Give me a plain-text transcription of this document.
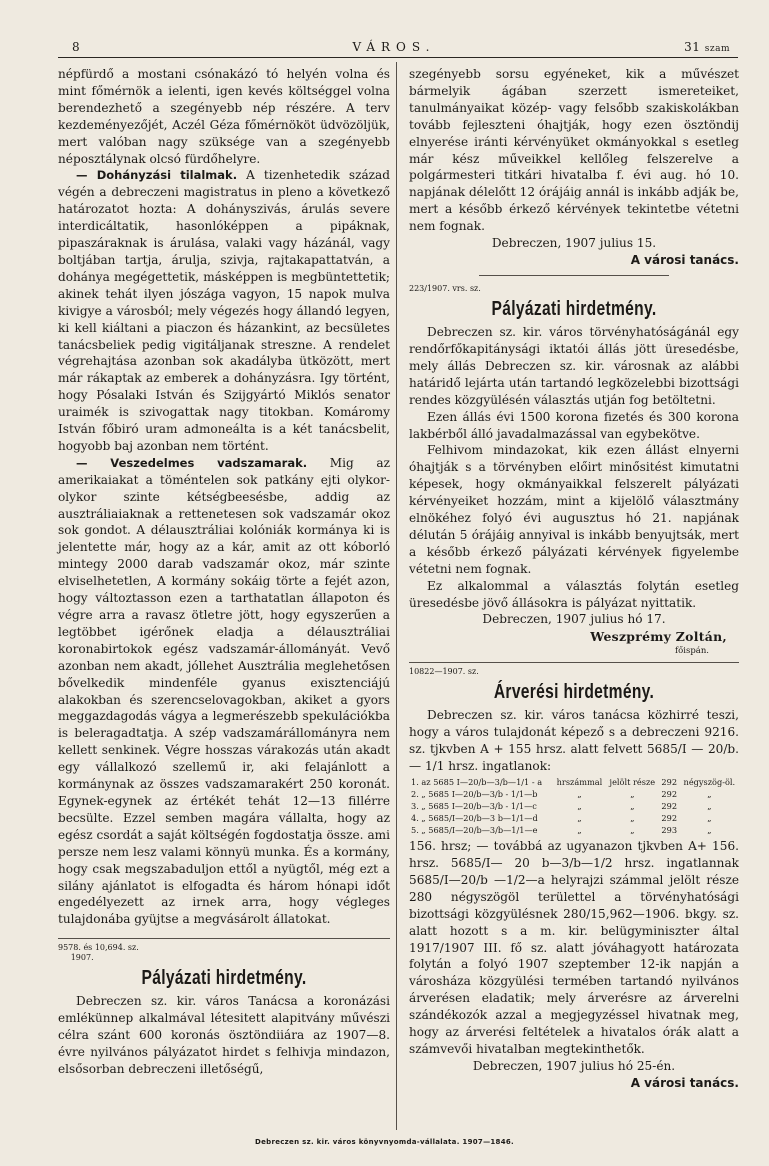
8	VÁROS.	31 szam

népfürdő a mostani csónakázó tó helyén volna és mint főmérnök a ielenti, igen kevés költséggel volna berendezhető a szegényebb nép részére. A terv kezdeményezőjét, Aczél Géza főmérnököt üdvözöljük, mert valóban nagy szüksége van a szegényebb néposztálynak olcsó fürdőhelyre.

— Dohányzási tilalmak. A tizenhetedik század végén a debreczeni magistratus in pleno a következő határozatot hozta: A dohányszivás, árulás severe interdicáltatik, hasonlóképpen a pipáknak, pipaszáraknak is árulása, valaki vagy házánál, vagy boltjában tartja, árulja, szivja, rajtakapattatván, a dohánya megégettetik, másképpen is megbüntettetik; akinek tehát ilyen jószága vagyon, 15 napok mulva kivigye a városból; mely végezés hogy állandó legyen, ki kell kiáltani a piaczon és házankint, az becsületes tanácsbeliek pedig vigitáljanak streszne. A rendelet végrehajtása azonban sok akadályba ütközött, mert már rákaptak az emberek a dohányzásra. Igy történt, hogy Pósalaki István és Szijgyártó Miklós senator uraimék is szivogattak nagy titokban. Komáromy István főbiró uram admoneálta is a két tanácsbelit, hogyobb baj azonban nem történt.

— Veszedelmes vadszamarak. Mig az amerikaiakat a töméntelen sok patkány ejti olykor-olykor szinte kétségbeesésbe, addig az ausztráliaiaknak a rettenetesen sok vadszamár okoz sok gondot. A délausztráliai kolóniák kormánya ki is jelentette már, hogy az a kár, amit az ott kóborló mintegy 2000 darab vadszamár okoz, már szinte elviselhetetlen, A kormány sokáig törte a fejét azon, hogy változtasson ezen a tarthatatlan állapoton és végre arra a ravasz ötletre jött, hogy egyszerűen a legtöbbet igérőnek eladja a délausztráliai koronabirtokok egész vadszamár-állományát. Vevő azonban nem akadt, jóllehet Ausztrália meglehetősen bővelkedik mindenféle gyanus exisztenciájú alakokban és szerencselovagokban, akiket a gyors meggazdagodás vágya a legmerészebb spekulációkba is beleragadtatja. A szép vadszamárállományra nem kellett senkinek. Végre hosszas várakozás után akadt egy vállalkozó szellemű ir, aki felajánlott a kormánynak az összes vadszamarakért 250 koronát. Egynek-egynek az értékét tehát 12—13 fillérre becsülte. Ezzel semben magára vállalta, hogy az egész csordát a saját költségén fogdostatja össze. ami persze nem lesz valami könnyü munka. És a kormány, hogy csak megszabaduljon ettől a nyügtől, még ezt a silány ajánlatot is elfogadta és három hónapi időt engedélyezett az irnek arra, hogy végleges tulajdonába gyüjtse a megvásárolt állatokat.

9578. és 10,694. sz.
1907.
Pályázati hirdetmény.

Debreczen sz. kir. város Tanácsa a koronázási emlékünnep alkalmával létesitett alapitvány művészi célra szánt 600 koronás ösztöndiiára az 1907—8. évre nyilvános pályázatot hirdet s felhivja mindazon, elsősorban debreczeni illetőségű,

szegényebb sorsu egyéneket, kik a művészet bármelyik ágában szerzett ismereteiket, tanulmányaikat közép- vagy felsőbb szakiskolákban tovább fejleszteni óhajtják, hogy ezen ösztöndij elnyerése iránti kérvényüket okmányokkal s esetleg már kész műveikkel kellőleg felszerelve a polgármesteri titkári hivatalba f. évi aug. hó 10. napjának délelőtt 12 órájáig annál is inkább adják be, mert a később érkező kérvények tekintetbe vétetni nem fognak.

Debreczen, 1907 julius 15.
A városi tanács.
223/1907. vrs. sz.
Pályázati hirdetmény.

Debreczen sz. kir. város törvényhatóságánál egy rendőrfőkapitánysági iktatói állás jött üresedésbe, mely állás Debreczen sz. kir. városnak az alábbi határidő lejárta után tartandó legközelebbi bizottsági rendes közgyülésén választás utján fog betöltetni.

Ezen állás évi 1500 korona fizetés és 300 korona lakbérből álló javadalmazással van egybekötve.

Felhivom mindazokat, kik ezen állást elnyerni óhajtják s a törvényben előirt minősitést kimutatni képesek, hogy okmányaikkal felszerelt pályázati kérvényeiket hozzám, mint a kijelölő választmány elnökéhez folyó évi augusztus hó 21. napjának délután 5 órájáig annyival is inkább benyujtsák, mert a később érkező pályázati kérvények figyelembe vétetni nem fognak.

Ez alkalommal a választás folytán esetleg üresedésbe jövő állásokra is pályázat nyittatik.

Debreczen, 1907 julius hó 17.
Weszprémy Zoltán,
főispán.
10822—1907. sz.
Árverési hirdetmény.

Debreczen sz. kir. város tanácsa közhirré teszi, hogy a város tulajdonát képező s a debreczeni 9216. sz. tjkvben A + 155 hrsz. alatt felvett 5685/I — 20/b. — 1/1 hrsz. ingatlanok:

1. az 5685 I—20/b—3/b—1/1 - a	hrszámmal	jelölt része	292	négyszög-öl.
2. „ 5685 I—20/b—3/b - 1/1—b	„	„	292	„
3. „ 5685 I—20/b—3/b - 1/1—c	„	„	292	„
4. „ 5685/I—20/b—3 b—1/1—d	„	„	292	„
5. „ 5685/I—20/b—3/b—1/1—e	„	„	293	„

156. hrsz; — továbbá az ugyanazon tjkvben A+ 156. hrsz. 5685/I— 20 b—3/b—1/2 hrsz. ingatlannak 5685/I—20/b —1/2—a helyrajzi számmal jelölt része 280 négyszögöl területtel a törvényhatósági bizottsági közgyülésnek 280/15,962—1906. bkgy. sz. alatt hozott s a m. kir. belügyminiszter által 1917/1907 III. fő sz. alatt jóváhagyott határozata folytán a folyó 1907 szeptember 12-ik napján a városháza közgyülési termében tartandó nyilvános árverésen eladatik; mely árverésre az árverelni szándékozók azzal a megjegyzéssel hivatnak meg, hogy az árverési feltételek a hivatalos órák alatt a számvevői hivatalban megtekinthetők.

Debreczen, 1907 julius hó 25-én.
A városi tanács.
Debreczen sz. kir. város könyvnyomda-vállalata. 1907—1846.
